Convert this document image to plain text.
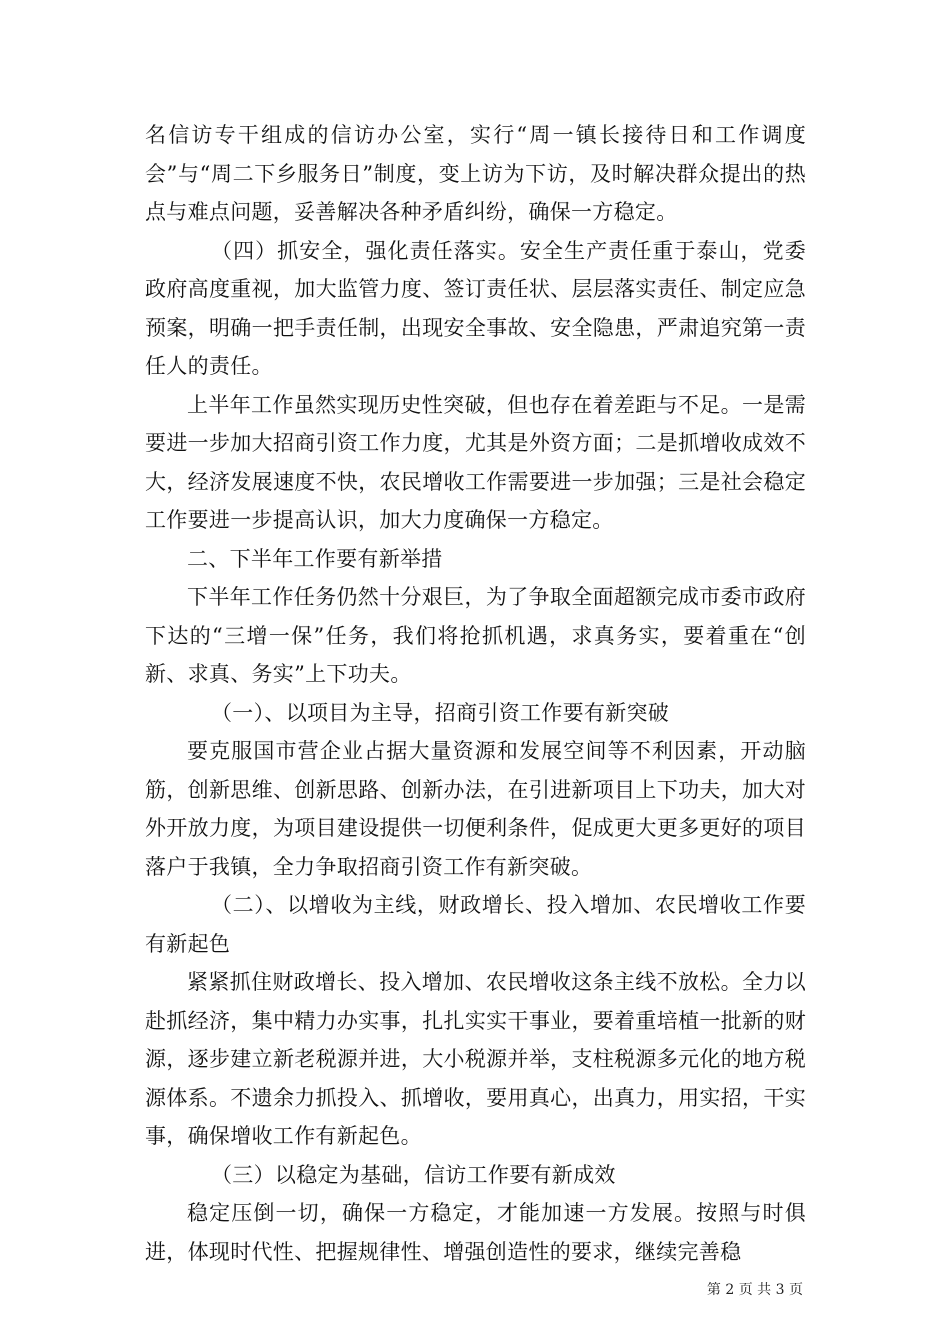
名信访专干组成的信访办公室，实行“周一镇长接待日和工作调度会”与“周二下乡服务日”制度，变上访为下访，及时解决群众提出的热点与难点问题，妥善解决各种矛盾纠纷，确保一方稳定。

（四）抓安全，强化责任落实。安全生产责任重于泰山，党委政府高度重视，加大监管力度、签订责任状、层层落实责任、制定应急预案，明确一把手责任制，出现安全事故、安全隐患，严肃追究第一责任人的责任。

上半年工作虽然实现历史性突破，但也存在着差距与不足。一是需要进一步加大招商引资工作力度，尤其是外资方面；二是抓增收成效不大，经济发展速度不快，农民增收工作需要进一步加强；三是社会稳定工作要进一步提高认识，加大力度确保一方稳定。

二、下半年工作要有新举措

下半年工作任务仍然十分艰巨，为了争取全面超额完成市委市政府下达的“三增一保”任务，我们将抢抓机遇，求真务实，要着重在“创新、求真、务实”上下功夫。

（一）、以项目为主导，招商引资工作要有新突破

要克服国市营企业占据大量资源和发展空间等不利因素，开动脑筋，创新思维、创新思路、创新办法，在引进新项目上下功夫，加大对外开放力度，为项目建设提供一切便利条件，促成更大更多更好的项目落户于我镇，全力争取招商引资工作有新突破。

（二）、以增收为主线，财政增长、投入增加、农民增收工作要有新起色

紧紧抓住财政增长、投入增加、农民增收这条主线不放松。全力以赴抓经济，集中精力办实事，扎扎实实干事业，要着重培植一批新的财源，逐步建立新老税源并进，大小税源并举，支柱税源多元化的地方税源体系。不遗余力抓投入、抓增收，要用真心，出真力，用实招，干实事，确保增收工作有新起色。

（三）以稳定为基础，信访工作要有新成效

稳定压倒一切，确保一方稳定，才能加速一方发展。按照与时俱进，体现时代性、把握规律性、增强创造性的要求，继续完善稳

第 2 页 共 3 页
